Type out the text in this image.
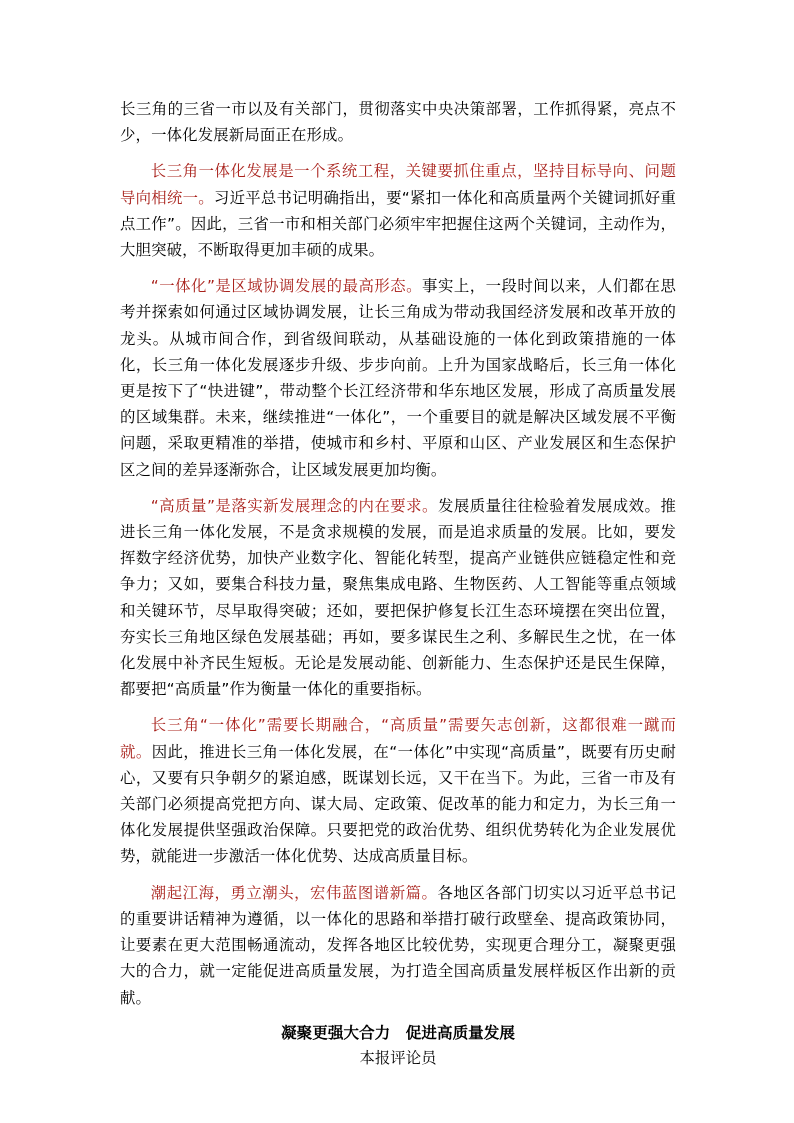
长三角的三省一市以及有关部门，贯彻落实中央决策部署，工作抓得紧，亮点不少，一体化发展新局面正在形成。

长三角一体化发展是一个系统工程，关键要抓住重点，坚持目标导向、问题导向相统一。习近平总书记明确指出，要“紧扣一体化和高质量两个关键词抓好重点工作”。因此，三省一市和相关部门必须牢牢把握住这两个关键词，主动作为，大胆突破，不断取得更加丰硕的成果。

“一体化”是区域协调发展的最高形态。事实上，一段时间以来，人们都在思考并探索如何通过区域协调发展，让长三角成为带动我国经济发展和改革开放的龙头。从城市间合作，到省级间联动，从基础设施的一体化到政策措施的一体化，长三角一体化发展逐步升级、步步向前。上升为国家战略后，长三角一体化更是按下了“快进键”，带动整个长江经济带和华东地区发展，形成了高质量发展的区域集群。未来，继续推进“一体化”，一个重要目的就是解决区域发展不平衡问题，采取更精准的举措，使城市和乡村、平原和山区、产业发展区和生态保护区之间的差异逐渐弥合，让区域发展更加均衡。

“高质量”是落实新发展理念的内在要求。发展质量往往检验着发展成效。推进长三角一体化发展，不是贪求规模的发展，而是追求质量的发展。比如，要发挥数字经济优势，加快产业数字化、智能化转型，提高产业链供应链稳定性和竞争力；又如，要集合科技力量，聚焦集成电路、生物医药、人工智能等重点领域和关键环节，尽早取得突破；还如，要把保护修复长江生态环境摆在突出位置，夯实长三角地区绿色发展基础；再如，要多谋民生之利、多解民生之忧，在一体化发展中补齐民生短板。无论是发展动能、创新能力、生态保护还是民生保障，都要把“高质量”作为衡量一体化的重要指标。

长三角“一体化”需要长期融合，“高质量”需要矢志创新，这都很难一蹴而就。因此，推进长三角一体化发展，在“一体化”中实现“高质量”，既要有历史耐心，又要有只争朝夕的紧迫感，既谋划长远，又干在当下。为此，三省一市及有关部门必须提高党把方向、谋大局、定政策、促改革的能力和定力，为长三角一体化发展提供坚强政治保障。只要把党的政治优势、组织优势转化为企业发展优势，就能进一步激活一体化优势、达成高质量目标。

潮起江海，勇立潮头，宏伟蓝图谱新篇。各地区各部门切实以习近平总书记的重要讲话精神为遵循，以一体化的思路和举措打破行政壁垒、提高政策协同，让要素在更大范围畅通流动，发挥各地区比较优势，实现更合理分工，凝聚更强大的合力，就一定能促进高质量发展，为打造全国高质量发展样板区作出新的贡献。

凝聚更强大合力　促进高质量发展

本报评论员
